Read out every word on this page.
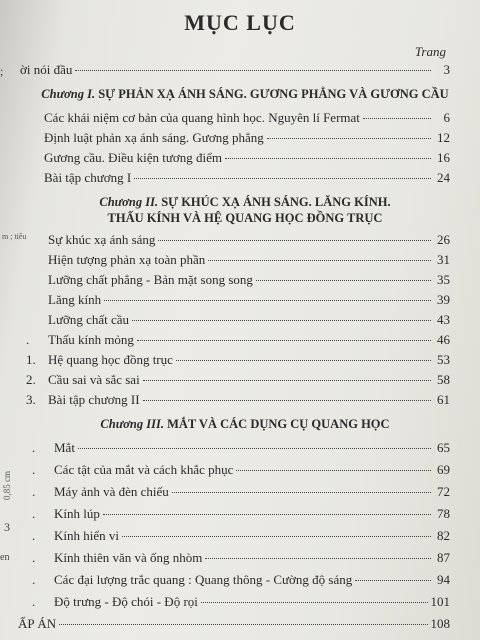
MỤC LỤC
Trang
ời nói đầu	3
Chương I. SỰ PHẢN XẠ ÁNH SÁNG. GƯƠNG PHẲNG VÀ GƯƠNG CẦU
Các khái niệm cơ bản của quang hình học. Nguyên lí Fermat	6
Định luật phản xạ ánh sáng. Gương phẳng	12
Gương cầu. Điều kiện tương điểm	16
Bài tập chương I	24
Chương II. SỰ KHÚC XẠ ÁNH SÁNG. LĂNG KÍNH.
THẤU KÍNH VÀ HỆ QUANG HỌC ĐỒNG TRỤC
Sự khúc xạ ánh sáng	26
Hiện tượng phản xạ toàn phần	31
Lưỡng chất phẳng - Bản mặt song song	35
Lăng kính	39
Lưỡng chất cầu	43
.	Thấu kính mỏng	46
1. Hệ quang học đồng trục	53
2. Cầu sai và sắc sai	58
3. Bài tập chương II	61
Chương III. MẮT VÀ CÁC DỤNG CỤ QUANG HỌC
.	Mắt	65
.	Các tật của mắt và cách khắc phục	69
.	Máy ảnh và đèn chiếu	72
.	Kính lúp	78
.	Kính hiển vi	82
.	Kính thiên văn và ống nhòm	87
.	Các đại lượng trắc quang : Quang thông - Cường độ sáng	94
.	Độ trưng - Độ chói - Độ rọi	101
ẤP ÁN	108
;
m ; tiêu
0,85 cm
3
en
